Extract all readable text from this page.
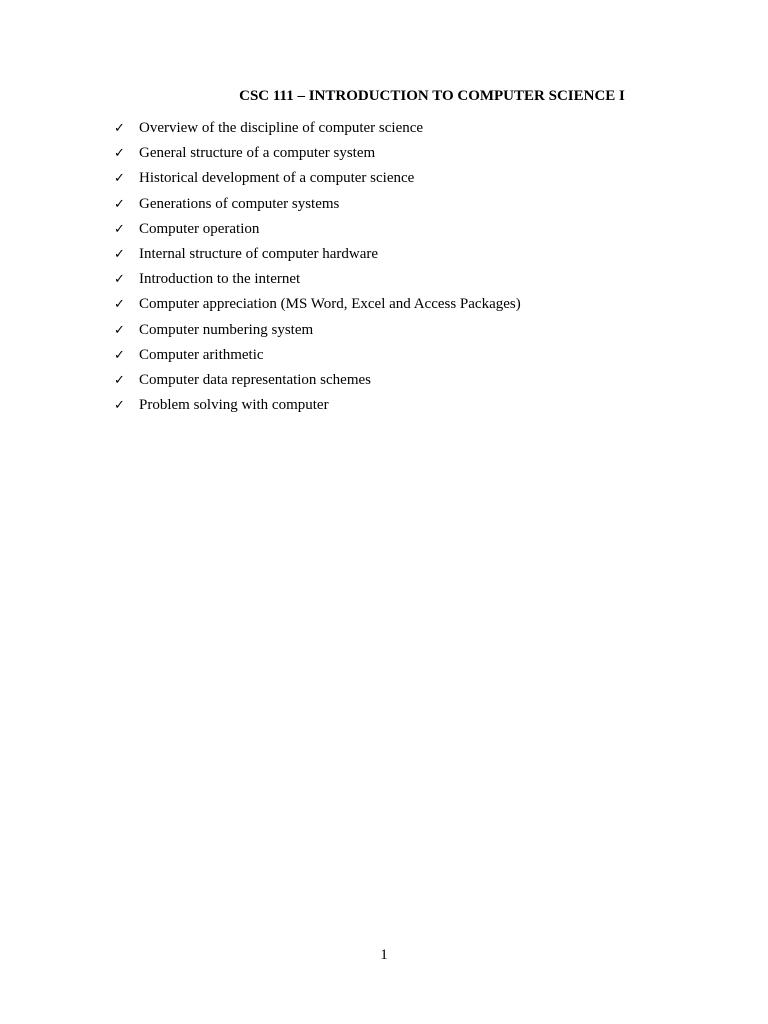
CSC 111 – INTRODUCTION TO COMPUTER SCIENCE I
✓ Overview of the discipline of computer science
✓ General structure of a computer system
✓ Historical development of a computer science
✓ Generations of computer systems
✓ Computer operation
✓ Internal structure of computer hardware
✓ Introduction to the internet
✓ Computer appreciation (MS Word, Excel and Access Packages)
✓ Computer numbering system
✓ Computer arithmetic
✓ Computer data representation schemes
✓ Problem solving with computer
1
